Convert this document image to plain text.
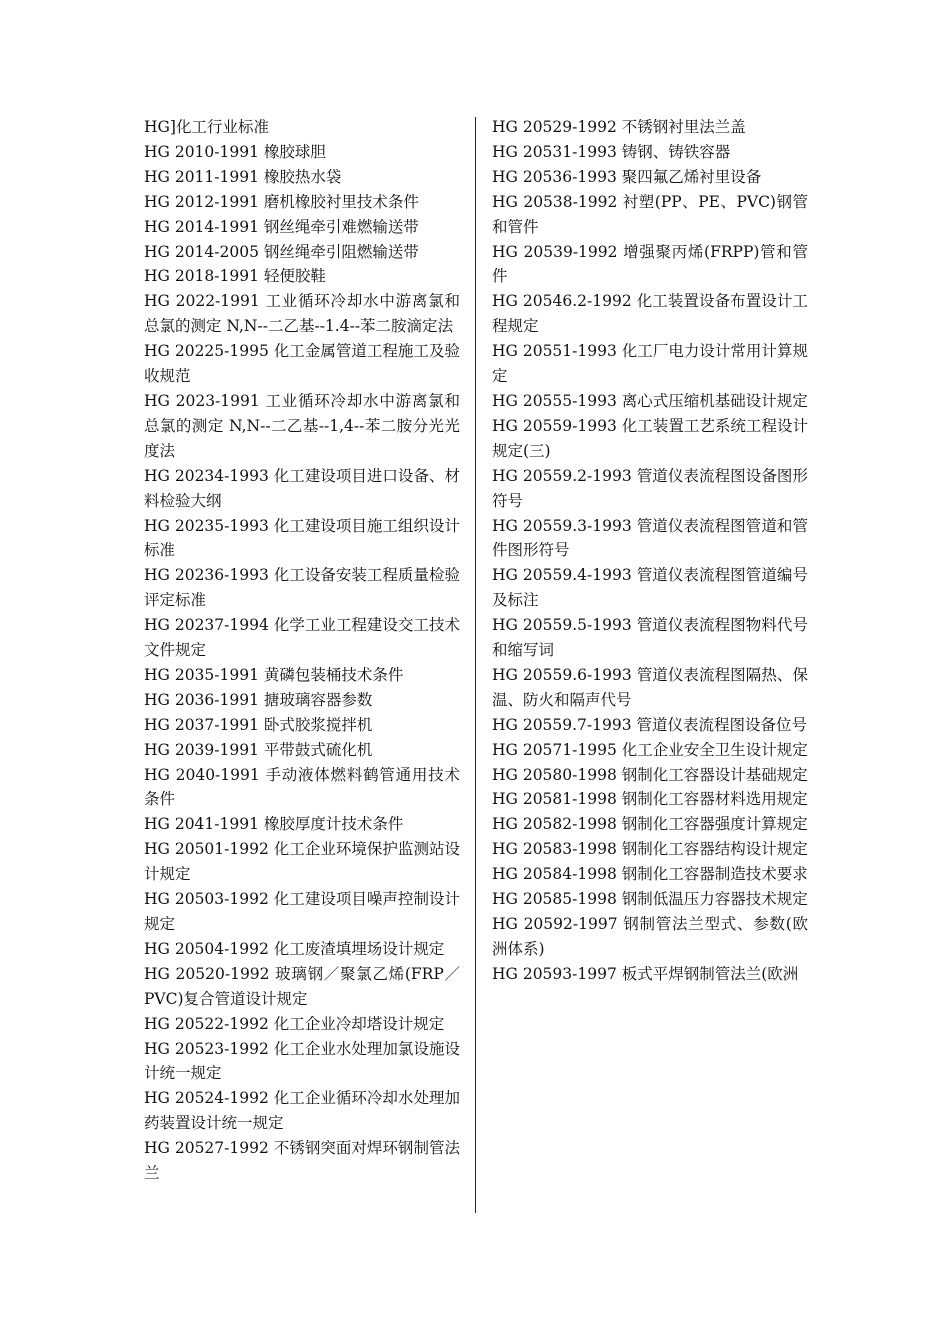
HG]化工行业标准

HG 2010-1991 橡胶球胆

HG 2011-1991 橡胶热水袋

HG 2012-1991 磨机橡胶衬里技术条件

HG 2014-1991 钢丝绳牵引难燃输送带

HG 2014-2005 钢丝绳牵引阻燃输送带

HG 2018-1991 轻便胶鞋

HG 2022-1991 工业循环冷却水中游离氯和总氯的测定 N,N--二乙基--1.4--苯二胺滴定法

HG 20225-1995 化工金属管道工程施工及验收规范

HG 2023-1991 工业循环冷却水中游离氯和总氯的测定 N,N--二乙基--1,4--苯二胺分光光度法

HG 20234-1993 化工建设项目进口设备、材料检验大纲

HG 20235-1993 化工建设项目施工组织设计标准

HG 20236-1993 化工设备安装工程质量检验评定标准

HG 20237-1994 化学工业工程建设交工技术文件规定

HG 2035-1991 黄磷包装桶技术条件

HG 2036-1991 搪玻璃容器参数

HG 2037-1991 卧式胶浆搅拌机

HG 2039-1991 平带鼓式硫化机

HG 2040-1991 手动液体燃料鹤管通用技术条件

HG 2041-1991 橡胶厚度计技术条件

HG 20501-1992 化工企业环境保护监测站设计规定

HG 20503-1992 化工建设项目噪声控制设计规定

HG 20504-1992 化工废渣填埋场设计规定

HG 20520-1992 玻璃钢／聚氯乙烯(FRP／PVC)复合管道设计规定

HG 20522-1992 化工企业冷却塔设计规定

HG 20523-1992 化工企业水处理加氯设施设计统一规定

HG 20524-1992 化工企业循环冷却水处理加药装置设计统一规定

HG 20527-1992 不锈钢突面对焊环钢制管法兰

HG 20529-1992 不锈钢衬里法兰盖

HG 20531-1993 铸钢、铸铁容器

HG 20536-1993 聚四氟乙烯衬里设备

HG 20538-1992 衬塑(PP、PE、PVC)钢管和管件

HG 20539-1992 增强聚丙烯(FRPP)管和管件

HG 20546.2-1992 化工装置设备布置设计工程规定

HG 20551-1993 化工厂电力设计常用计算规定

HG 20555-1993 离心式压缩机基础设计规定

HG 20559-1993 化工装置工艺系统工程设计规定(三)

HG 20559.2-1993 管道仪表流程图设备图形符号

HG 20559.3-1993 管道仪表流程图管道和管件图形符号

HG 20559.4-1993 管道仪表流程图管道编号及标注

HG 20559.5-1993 管道仪表流程图物料代号和缩写词

HG 20559.6-1993 管道仪表流程图隔热、保温、防火和隔声代号

HG 20559.7-1993 管道仪表流程图设备位号

HG 20571-1995 化工企业安全卫生设计规定

HG 20580-1998 钢制化工容器设计基础规定

HG 20581-1998 钢制化工容器材料选用规定

HG 20582-1998 钢制化工容器强度计算规定

HG 20583-1998 钢制化工容器结构设计规定

HG 20584-1998 钢制化工容器制造技术要求

HG 20585-1998 钢制低温压力容器技术规定

HG 20592-1997 钢制管法兰型式、参数(欧洲体系)

HG 20593-1997 板式平焊钢制管法兰(欧洲
